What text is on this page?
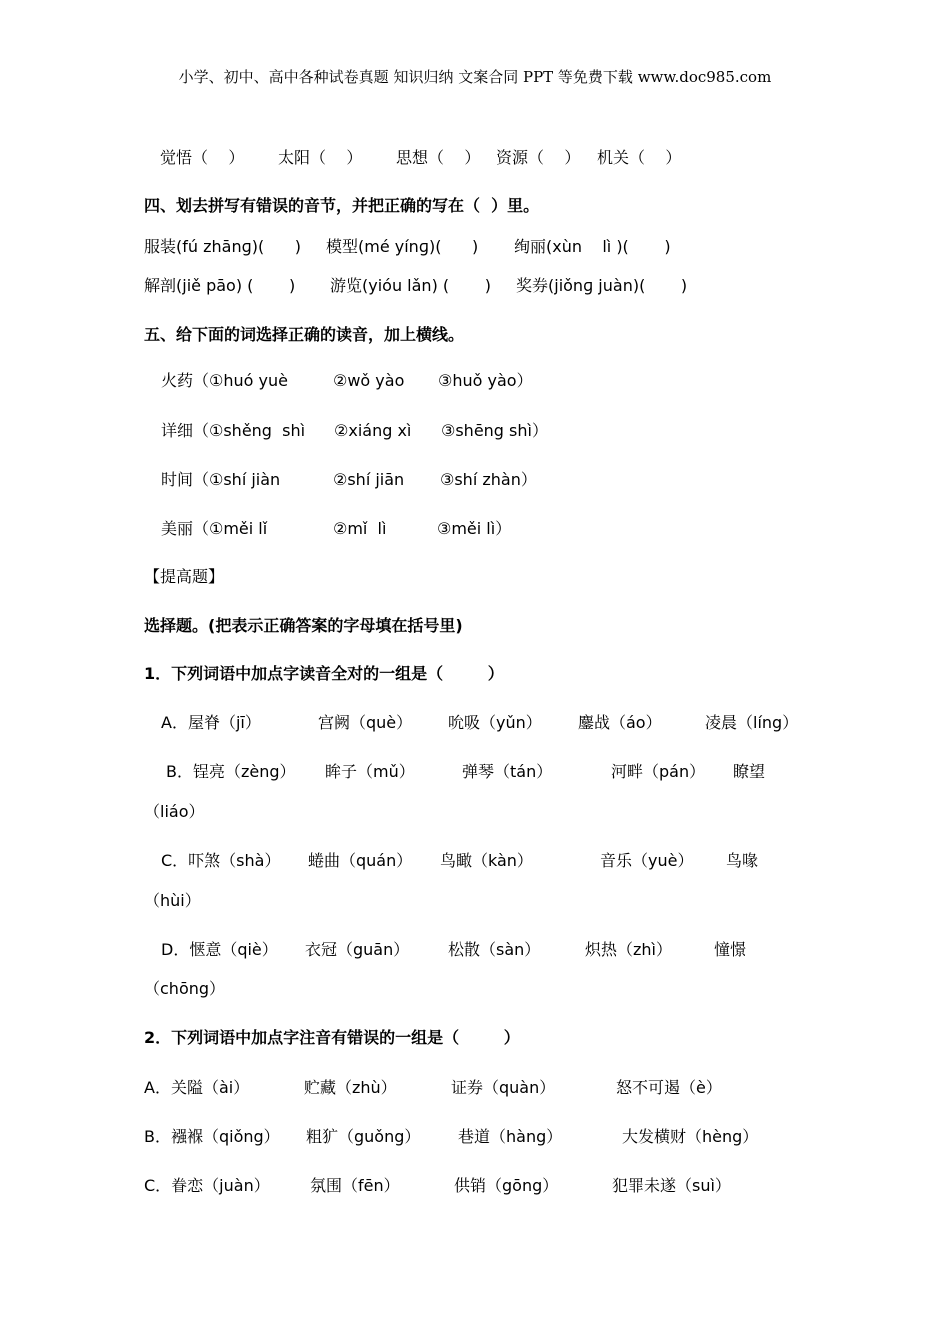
小学、初中、高中各种试卷真题 知识归纳 文案合同 PPT 等免费下载 www.doc985.com
觉悟（    ） 太阳（    ） 思想（    ） 资源（    ） 机关（    ）
四、划去拼写有错误的音节，并把正确的写在（  ）里。
服装(fú zhānɡ)(      ) 模型(mé yínɡ)(      ) 绚丽(xùn    lì )(       )
解剖(jiě pāo) (       ) 游览(yióu lǎn) (       ) 奖券(jiǒnɡ juàn)(       )
五、给下面的词选择正确的读音，加上横线。
火药（①huó yuè	②wǒ yào ③huǒ yào）
详细（①shěng  shì ②xiáng xì ③shēng shì）
时间（①shí jiàn	②shí jiān ③shí zhàn）
美丽（①měi lǐ	②mǐ  lì	③měi lì）
【提高题】
选择题。(把表示正确答案的字母填在括号里)
1．下列词语中加点字读音全对的一组是（        ）
A．屋脊（jī）	宫阙（què） 吮吸（yǔn） 鏖战（áo）	凌晨（líng）
B．锃亮（zèng） 眸子（mǔ）	弹琴（tán）	河畔（pán） 瞭望
（liáo）
C．吓煞（shà） 蜷曲（quán） 鸟瞰（kàn）	音乐（yuè） 鸟喙
（hùi）
D．惬意（qiè） 衣冠（guān） 松散（sàn）	炽热（zhì）	憧憬
（chōng）
2．下列词语中加点字注音有错误的一组是（        ）
A．关隘（ài）	贮藏（zhù）	证券（quàn）	怒不可遏（è）
B．襁褓（qiǒng） 粗犷（guǒng） 巷道（hàng）	大发横财（hèng）
C．眷恋（juàn）	氛围（fēn）	供销（gōng）	犯罪未遂（suì）
